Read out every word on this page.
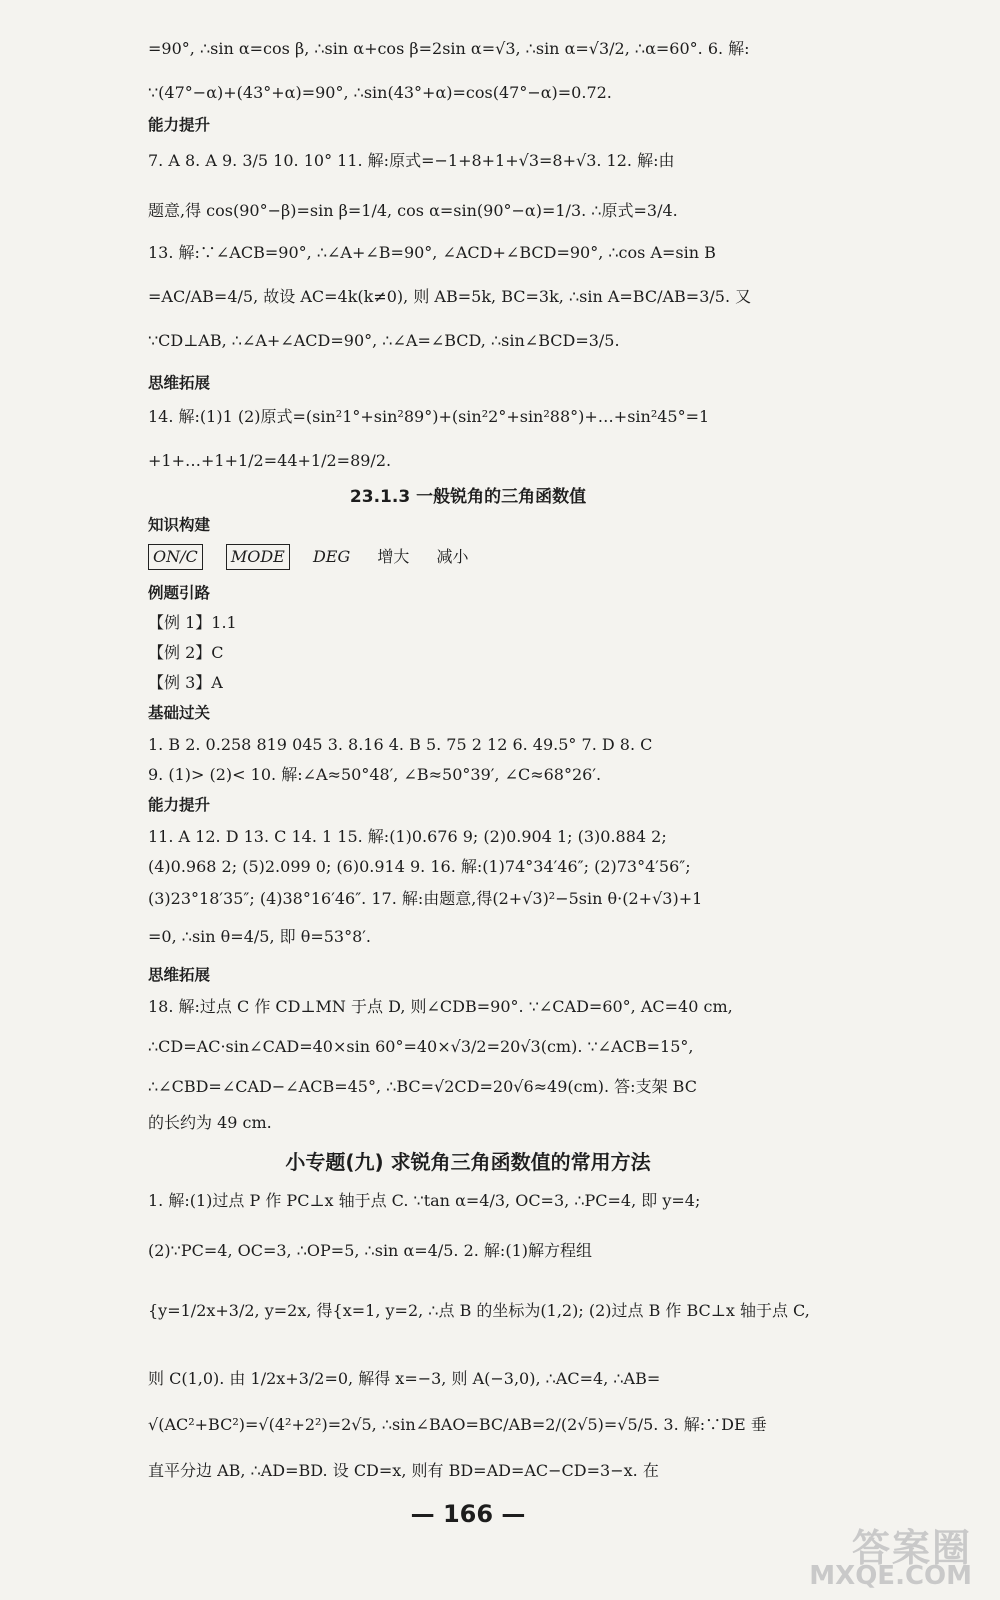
=90°, ∴sin α=cos β, ∴sin α+cos β=2sin α=√3, ∴sin α=√3/2, ∴α=60°. 6. 解:
∵(47°−α)+(43°+α)=90°, ∴sin(43°+α)=cos(47°−α)=0.72.
能力提升
7. A 8. A 9. 3/5 10. 10° 11. 解:原式=−1+8+1+√3=8+√3. 12. 解:由
题意,得 cos(90°−β)=sin β=1/4, cos α=sin(90°−α)=1/3. ∴原式=3/4.
13. 解:∵∠ACB=90°, ∴∠A+∠B=90°, ∠ACD+∠BCD=90°, ∴cos A=sin B
=AC/AB=4/5, 故设 AC=4k(k≠0), 则 AB=5k, BC=3k, ∴sin A=BC/AB=3/5. 又
∵CD⊥AB, ∴∠A+∠ACD=90°, ∴∠A=∠BCD, ∴sin∠BCD=3/5.
思维拓展
14. 解:(1)1 (2)原式=(sin²1°+sin²89°)+(sin²2°+sin²88°)+…+sin²45°=1
+1+…+1+1/2=44+1/2=89/2.
23.1.3 一般锐角的三角函数值
知识构建
ON/C MODE DEG 增大 减小
例题引路
【例 1】1.1
【例 2】C
【例 3】A
基础过关
1. B 2. 0.258 819 045 3. 8.16 4. B 5. 75 2 12 6. 49.5° 7. D 8. C
9. (1)> (2)< 10. 解:∠A≈50°48′, ∠B≈50°39′, ∠C≈68°26′.
能力提升
11. A 12. D 13. C 14. 1 15. 解:(1)0.676 9; (2)0.904 1; (3)0.884 2;
(4)0.968 2; (5)2.099 0; (6)0.914 9. 16. 解:(1)74°34′46″; (2)73°4′56″;
(3)23°18′35″; (4)38°16′46″. 17. 解:由题意,得(2+√3)²−5sin θ·(2+√3)+1
=0, ∴sin θ=4/5, 即 θ=53°8′.
思维拓展
18. 解:过点 C 作 CD⊥MN 于点 D, 则∠CDB=90°. ∵∠CAD=60°, AC=40 cm,
∴CD=AC·sin∠CAD=40×sin 60°=40×√3/2=20√3(cm). ∵∠ACB=15°,
∴∠CBD=∠CAD−∠ACB=45°, ∴BC=√2CD=20√6≈49(cm). 答:支架 BC
的长约为 49 cm.
小专题(九) 求锐角三角函数值的常用方法
1. 解:(1)过点 P 作 PC⊥x 轴于点 C. ∵tan α=4/3, OC=3, ∴PC=4, 即 y=4;
(2)∵PC=4, OC=3, ∴OP=5, ∴sin α=4/5. 2. 解:(1)解方程组
{y=1/2x+3/2, y=2x, 得{x=1, y=2, ∴点 B 的坐标为(1,2); (2)过点 B 作 BC⊥x 轴于点 C,
则 C(1,0). 由 1/2x+3/2=0, 解得 x=−3, 则 A(−3,0), ∴AC=4, ∴AB=
√(AC²+BC²)=√(4²+2²)=2√5, ∴sin∠BAO=BC/AB=2/(2√5)=√5/5. 3. 解:∵DE 垂
直平分边 AB, ∴AD=BD. 设 CD=x, 则有 BD=AD=AC−CD=3−x. 在
— 166 —
答案圈
MXQE.COM
